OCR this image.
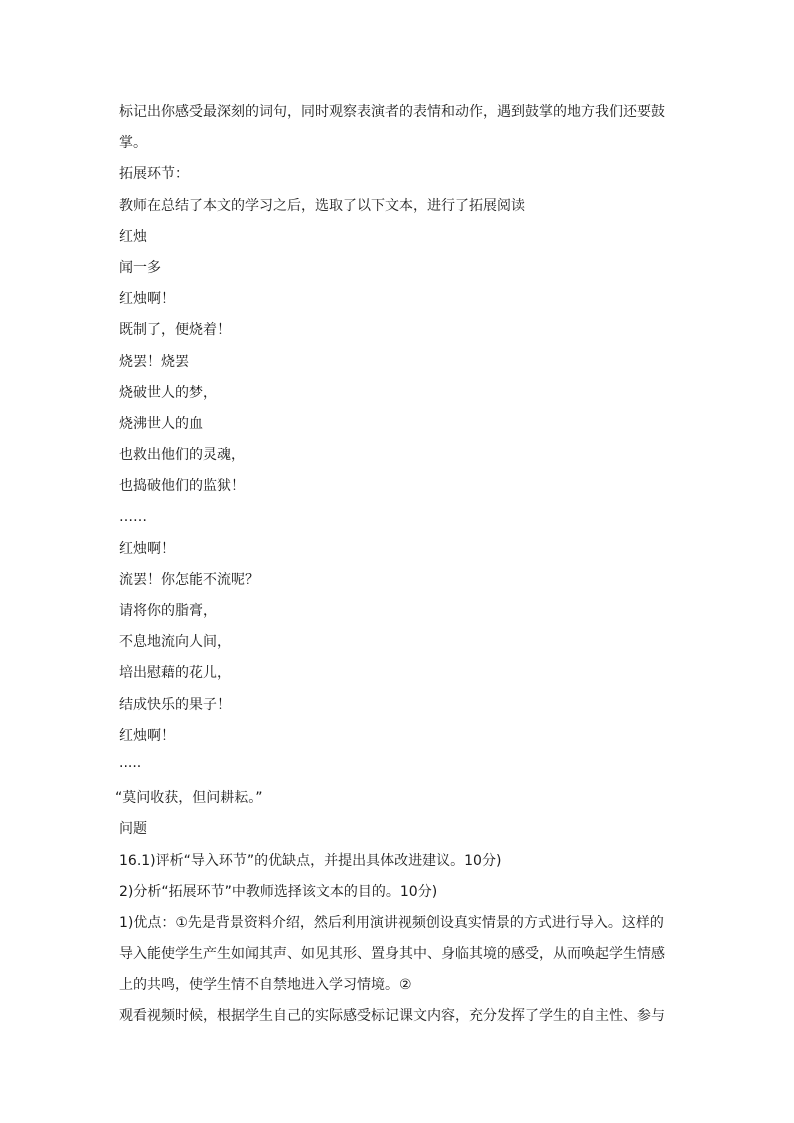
标记出你感受最深刻的词句，同时观察表演者的表情和动作，遇到鼓掌的地方我们还要鼓
掌。
拓展环节：
教师在总结了本文的学习之后，选取了以下文本，进行了拓展阅读
红烛
闻一多
红烛啊！
既制了，便烧着！
烧罢！烧罢
烧破世人的梦，
烧沸世人的血
也救出他们的灵魂，
也捣破他们的监狱！
……
红烛啊！
流罢！你怎能不流呢？
请将你的脂膏，
不息地流向人间，
培出慰藉的花儿，
结成快乐的果子！
红烛啊！
·····
“莫问收获，但问耕耘。”
问题
16.1)评析“导入环节”的优缺点，并提出具体改进建议。10分)
2)分析“拓展环节”中教师选择该文本的目的。10分)
1)优点：①先是背景资料介绍，然后利用演讲视频创设真实情景的方式进行导入。这样的
导入能使学生产生如闻其声、如见其形、置身其中、身临其境的感受，从而唤起学生情感
上的共鸣，使学生情不自禁地进入学习情境。②
观看视频时候，根据学生自己的实际感受标记课文内容，充分发挥了学生的自主性、参与
